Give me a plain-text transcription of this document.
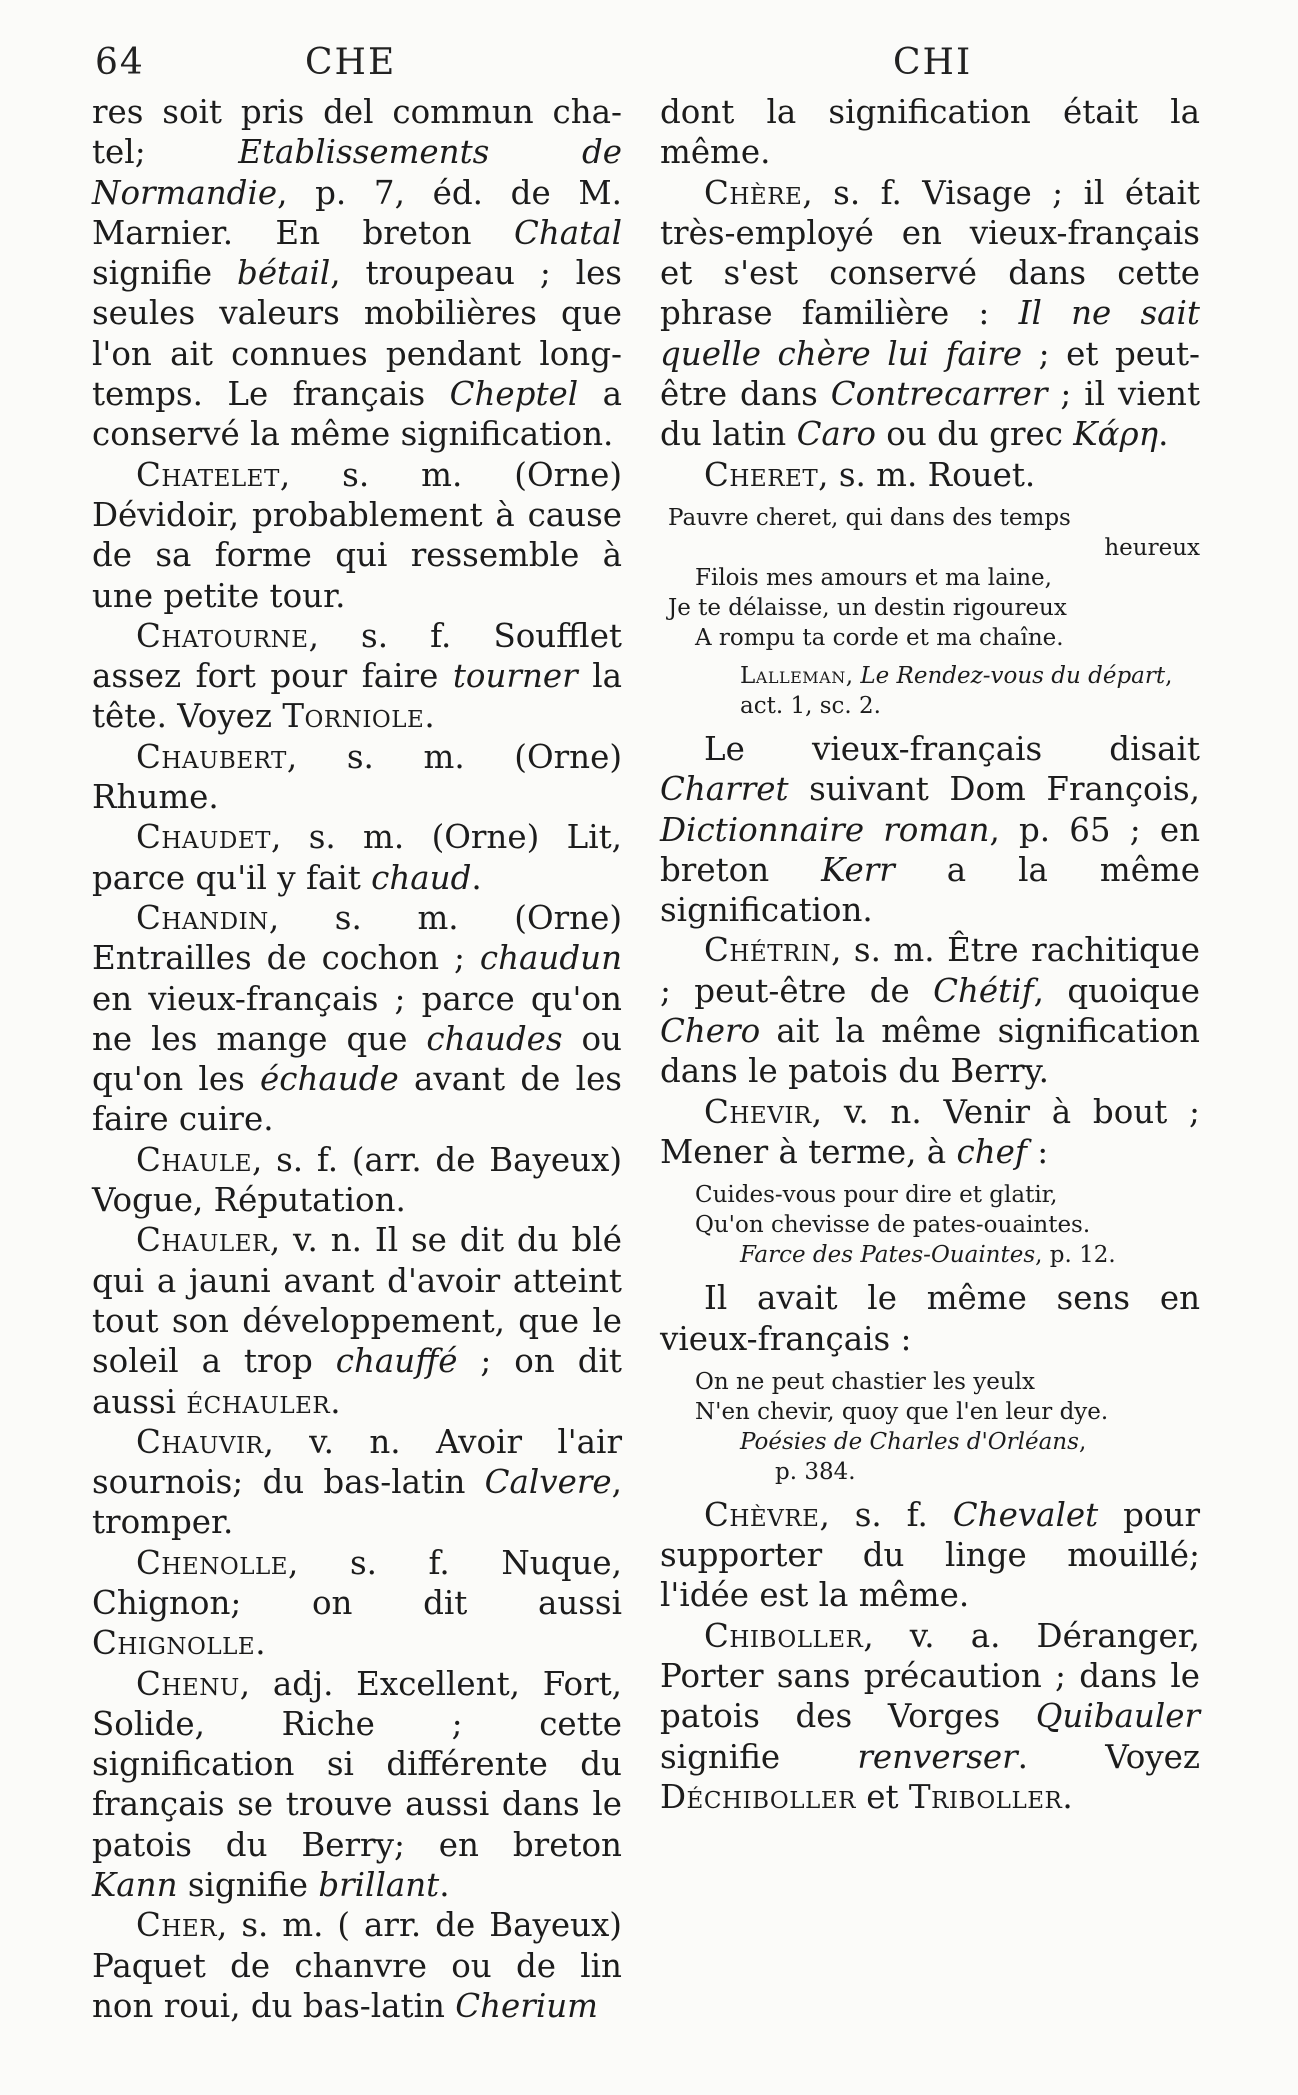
64	CHE	CHI
res soit pris del commun cha-tel; Etablissements de Normandie, p. 7, éd. de M. Marnier. En breton Chatal signifie bétail, troupeau ; les seules valeurs mobilières que l'on ait connues pendant long-temps. Le français Cheptel a conservé la même signification.
Chatelet, s. m. (Orne) Dévidoir, probablement à cause de sa forme qui ressemble à une petite tour.
Chatourne, s. f. Soufflet assez fort pour faire tourner la tête. Voyez Torniole.
Chaubert, s. m. (Orne) Rhume.
Chaudet, s. m. (Orne) Lit, parce qu'il y fait chaud.
Chandin, s. m. (Orne) Entrailles de cochon ; chaudun en vieux-français ; parce qu'on ne les mange que chaudes ou qu'on les échaude avant de les faire cuire.
Chaule, s. f. (arr. de Bayeux) Vogue, Réputation.
Chauler, v. n. Il se dit du blé qui a jauni avant d'avoir atteint tout son développement, que le soleil a trop chauffé ; on dit aussi échauler.
Chauvir, v. n. Avoir l'air sournois; du bas-latin Calvere, tromper.
Chenolle, s. f. Nuque, Chignon; on dit aussi Chignolle.
Chenu, adj. Excellent, Fort, Solide, Riche ; cette signification si différente du français se trouve aussi dans le patois du Berry; en breton Kann signifie brillant.
Cher, s. m. ( arr. de Bayeux) Paquet de chanvre ou de lin non roui, du bas-latin Cherium
dont la signification était la même.
Chère, s. f. Visage ; il était très-employé en vieux-français et s'est conservé dans cette phrase familière : Il ne sait quelle chère lui faire ; et peut-être dans Contrecarrer ; il vient du latin Caro ou du grec Κάρη.
Cheret, s. m. Rouet.
Pauvre cheret, qui dans des temps
heureux
Filois mes amours et ma laine,
Je te délaisse, un destin rigoureux
A rompu ta corde et ma chaîne.
Lalleman, Le Rendez-vous du départ, act. 1, sc. 2.
Le vieux-français disait Charret suivant Dom François, Dictionnaire roman, p. 65 ; en breton Kerr a la même signification.
Chétrin, s. m. Être rachitique ; peut-être de Chétif, quoique Chero ait la même signification dans le patois du Berry.
Chevir, v. n. Venir à bout ; Mener à terme, à chef :
Cuides-vous pour dire et glatir,
Qu'on chevisse de pates-ouaintes.
Farce des Pates-Ouaintes, p. 12.
Il avait le même sens en vieux-français :
On ne peut chastier les yeulx
N'en chevir, quoy que l'en leur dye.
Poésies de Charles d'Orléans,
p. 384.
Chèvre, s. f. Chevalet pour supporter du linge mouillé; l'idée est la même.
Chiboller, v. a. Déranger, Porter sans précaution ; dans le patois des Vorges Quibauler signifie renverser. Voyez Déchiboller et Triboller.
